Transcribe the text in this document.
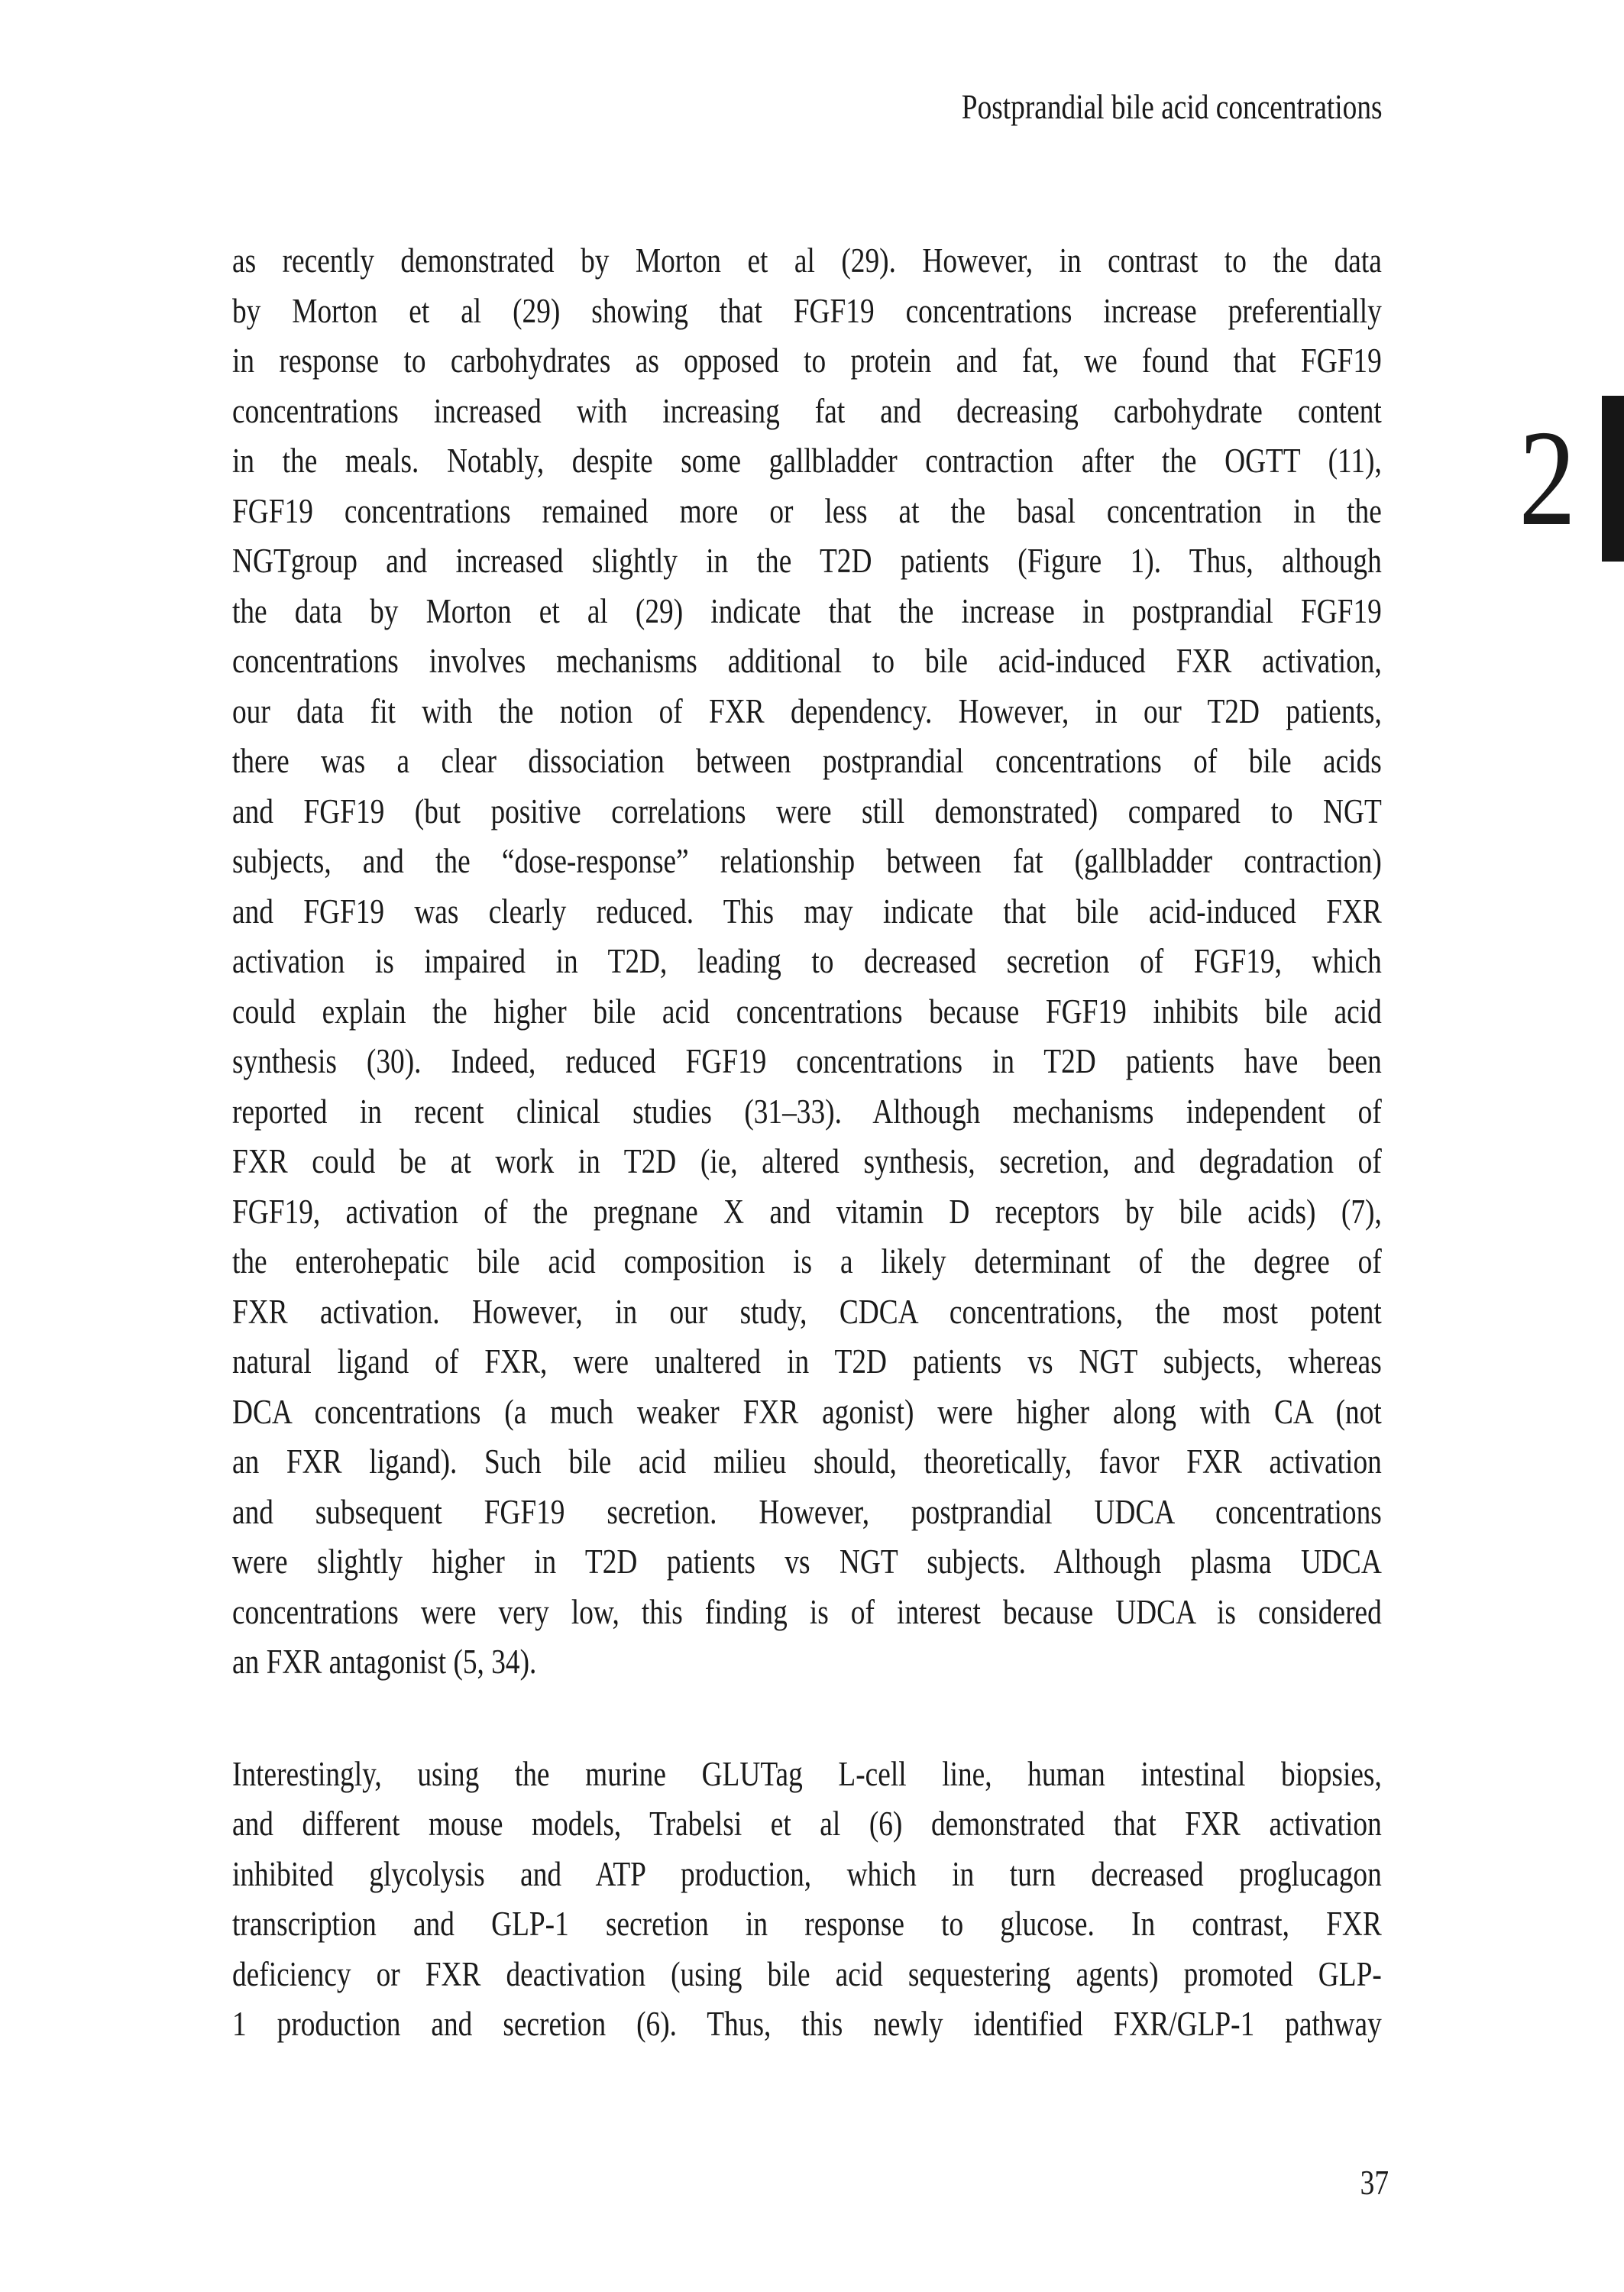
Postprandial bile acid concentrations
2
as recently demonstrated by Morton et al (29). However, in contrast to the data
by Morton et al (29) showing that FGF19 concentrations increase preferentially
in response to carbohydrates as opposed to protein and fat, we found that FGF19
concentrations increased with increasing fat and decreasing carbohydrate content
in the meals. Notably, despite some gallbladder contraction after the OGTT (11),
FGF19 concentrations remained more or less at the basal concentration in the
NGTgroup and increased slightly in the T2D patients (Figure 1). Thus, although
the data by Morton et al (29) indicate that the increase in postprandial FGF19
concentrations involves mechanisms additional to bile acid-induced FXR activation,
our data fit with the notion of FXR dependency. However, in our T2D patients,
there was a clear dissociation between postprandial concentrations of bile acids
and FGF19 (but positive correlations were still demonstrated) compared to NGT
subjects, and the “dose-response” relationship between fat (gallbladder contraction)
and FGF19 was clearly reduced. This may indicate that bile acid-induced FXR
activation is impaired in T2D, leading to decreased secretion of FGF19, which
could explain the higher bile acid concentrations because FGF19 inhibits bile acid
synthesis (30). Indeed, reduced FGF19 concentrations in T2D patients have been
reported in recent clinical studies (31–33). Although mechanisms independent of
FXR could be at work in T2D (ie, altered synthesis, secretion, and degradation of
FGF19, activation of the pregnane X and vitamin D receptors by bile acids) (7),
the enterohepatic bile acid composition is a likely determinant of the degree of
FXR activation. However, in our study, CDCA concentrations, the most potent
natural ligand of FXR, were unaltered in T2D patients vs NGT subjects, whereas
DCA concentrations (a much weaker FXR agonist) were higher along with CA (not
an FXR ligand). Such bile acid milieu should, theoretically, favor FXR activation
and subsequent FGF19 secretion. However, postprandial UDCA concentrations
were slightly higher in T2D patients vs NGT subjects. Although plasma UDCA
concentrations were very low, this finding is of interest because UDCA is considered
an FXR antagonist (5, 34).
Interestingly, using the murine GLUTag L-cell line, human intestinal biopsies,
and different mouse models, Trabelsi et al (6) demonstrated that FXR activation
inhibited glycolysis and ATP production, which in turn decreased proglucagon
transcription and GLP-1 secretion in response to glucose. In contrast, FXR
deficiency or FXR deactivation (using bile acid sequestering agents) promoted GLP-
1 production and secretion (6). Thus, this newly identified FXR/GLP-1 pathway
37
